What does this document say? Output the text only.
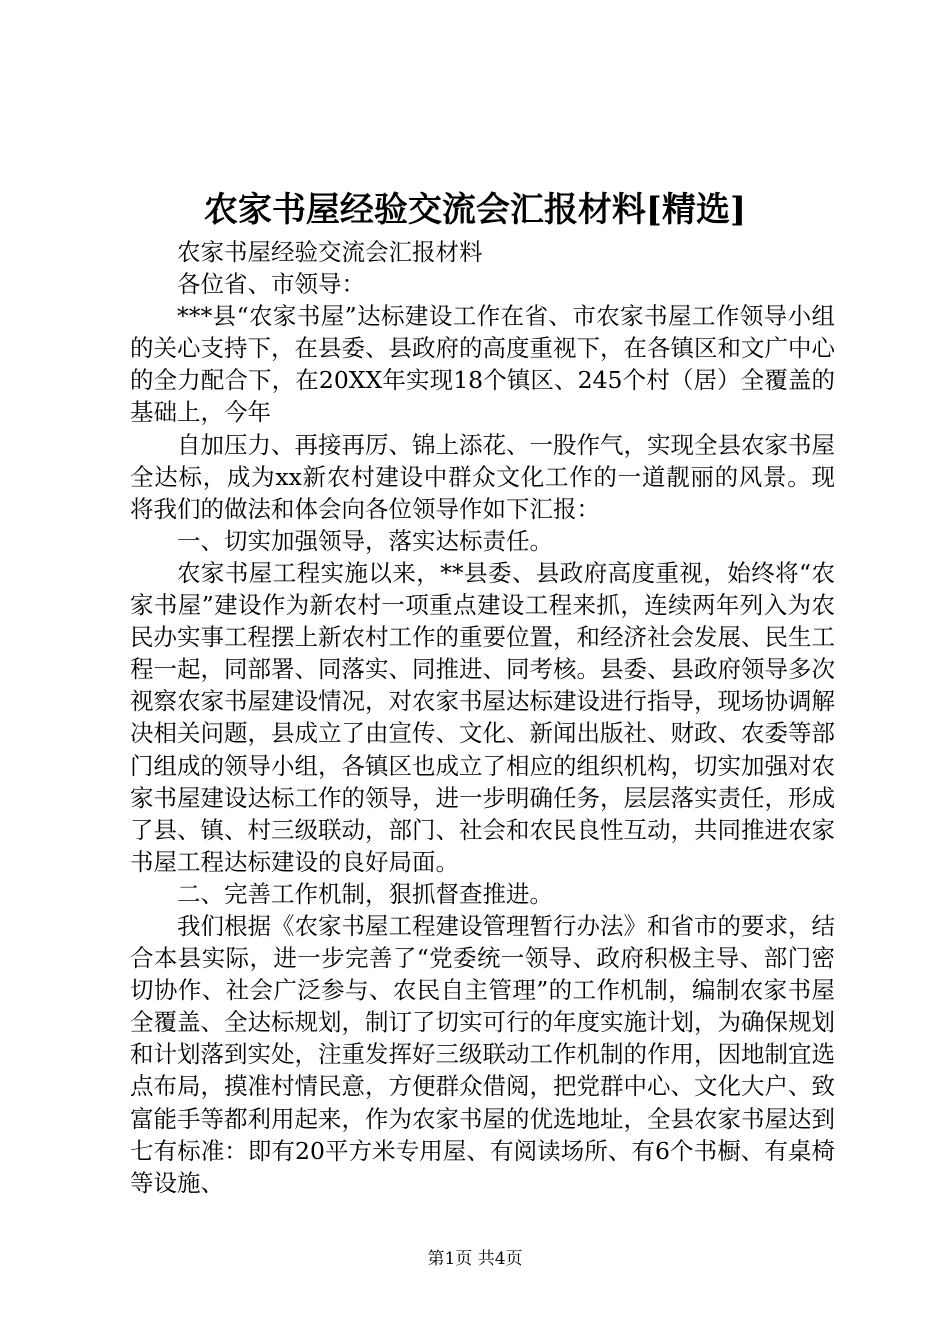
农家书屋经验交流会汇报材料[精选]

农家书屋经验交流会汇报材料

各位省、市领导：

***县“农家书屋”达标建设工作在省、市农家书屋工作领导小组的关心支持下，在县委、县政府的高度重视下，在各镇区和文广中心的全力配合下，在20XX年实现18个镇区、245个村（居）全覆盖的基础上，今年

自加压力、再接再厉、锦上添花、一股作气，实现全县农家书屋全达标，成为xx新农村建设中群众文化工作的一道靓丽的风景。现将我们的做法和体会向各位领导作如下汇报：

一、切实加强领导，落实达标责任。

农家书屋工程实施以来，**县委、县政府高度重视，始终将“农家书屋”建设作为新农村一项重点建设工程来抓，连续两年列入为农民办实事工程摆上新农村工作的重要位置，和经济社会发展、民生工程一起，同部署、同落实、同推进、同考核。县委、县政府领导多次视察农家书屋建设情况，对农家书屋达标建设进行指导，现场协调解决相关问题，县成立了由宣传、文化、新闻出版社、财政、农委等部门组成的领导小组，各镇区也成立了相应的组织机构，切实加强对农家书屋建设达标工作的领导，进一步明确任务，层层落实责任，形成了县、镇、村三级联动，部门、社会和农民良性互动，共同推进农家书屋工程达标建设的良好局面。

二、完善工作机制，狠抓督查推进。

我们根据《农家书屋工程建设管理暂行办法》和省市的要求，结合本县实际，进一步完善了“党委统一领导、政府积极主导、部门密切协作、社会广泛参与、农民自主管理”的工作机制，编制农家书屋全覆盖、全达标规划，制订了切实可行的年度实施计划，为确保规划和计划落到实处，注重发挥好三级联动工作机制的作用，因地制宜选点布局，摸准村情民意，方便群众借阅，把党群中心、文化大户、致富能手等都利用起来，作为农家书屋的优选地址，全县农家书屋达到七有标准：即有20平方米专用屋、有阅读场所、有6个书橱、有桌椅等设施、

第1页 共4页
